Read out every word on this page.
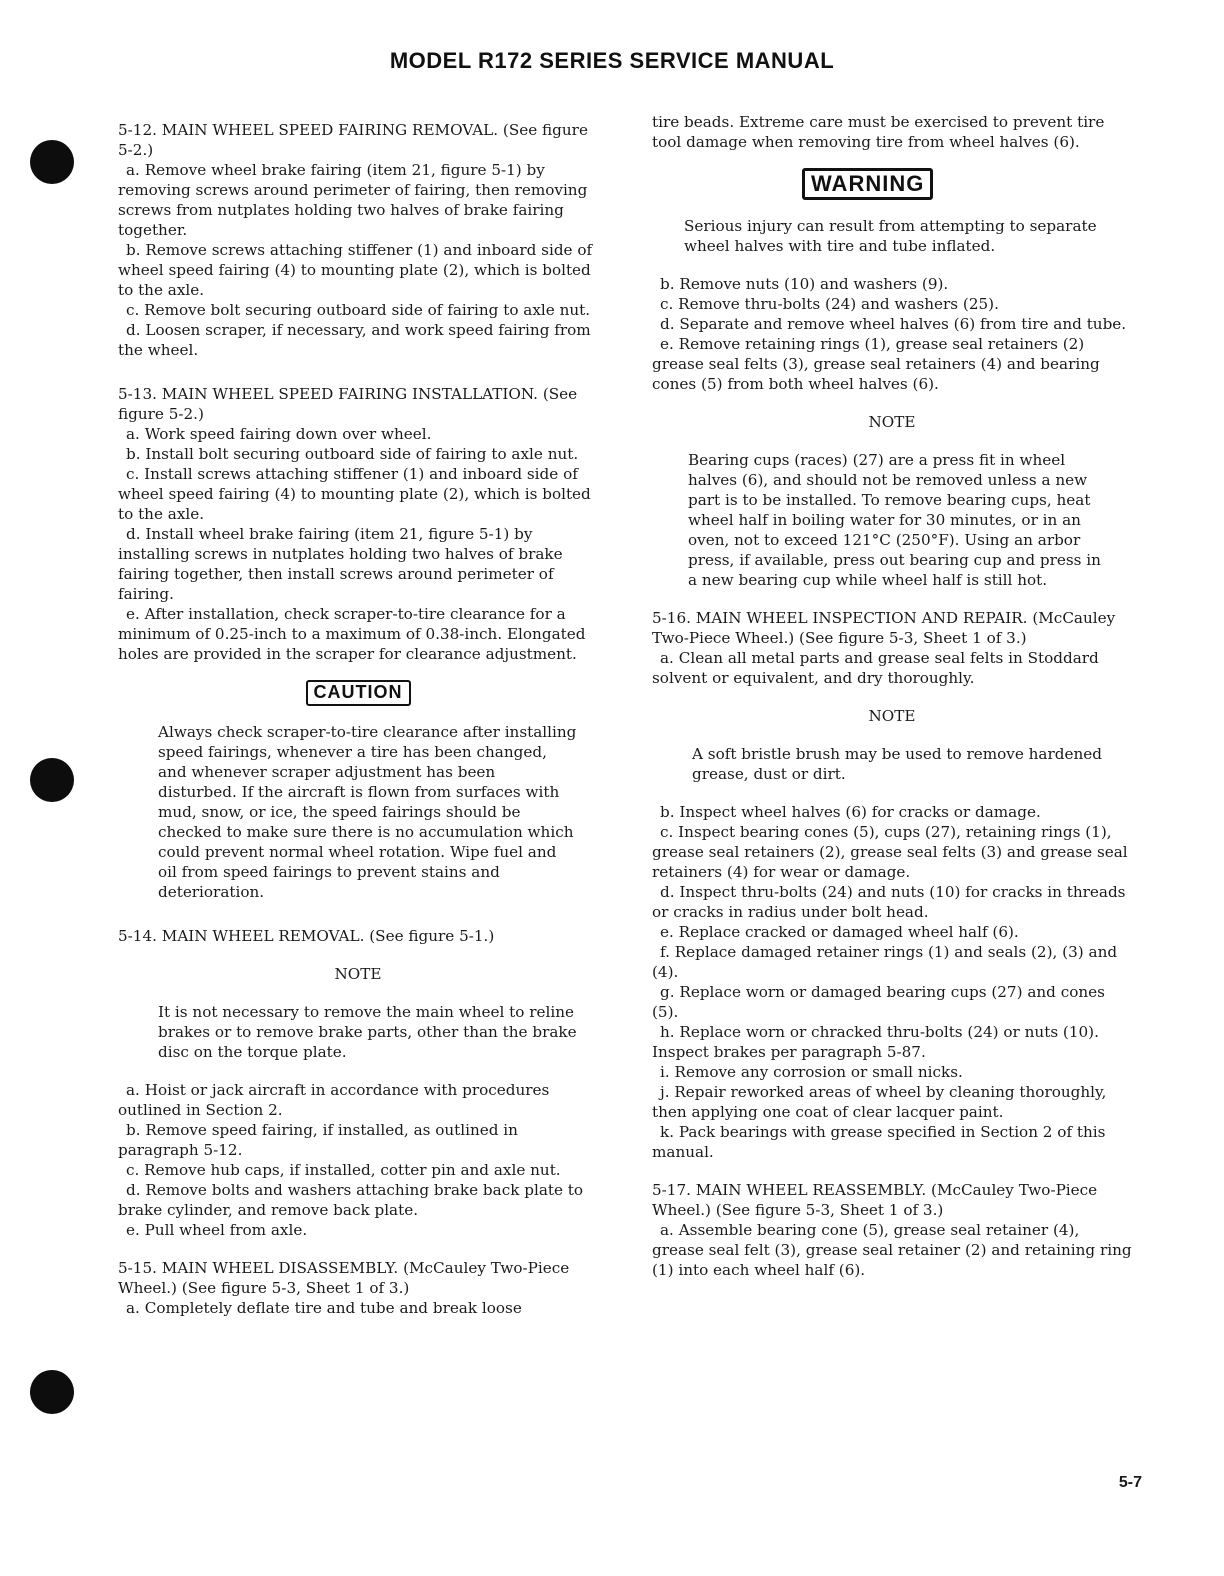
MODEL R172 SERIES SERVICE MANUAL

5-12. MAIN WHEEL SPEED FAIRING REMOVAL. (See figure 5-2.)

a. Remove wheel brake fairing (item 21, figure 5-1) by removing screws around perimeter of fairing, then removing screws from nutplates holding two halves of brake fairing together.

b. Remove screws attaching stiffener (1) and inboard side of wheel speed fairing (4) to mounting plate (2), which is bolted to the axle.

c. Remove bolt securing outboard side of fairing to axle nut.

d. Loosen scraper, if necessary, and work speed fairing from the wheel.

5-13. MAIN WHEEL SPEED FAIRING INSTALLATION. (See figure 5-2.)

a. Work speed fairing down over wheel.

b. Install bolt securing outboard side of fairing to axle nut.

c. Install screws attaching stiffener (1) and inboard side of wheel speed fairing (4) to mounting plate (2), which is bolted to the axle.

d. Install wheel brake fairing (item 21, figure 5-1) by installing screws in nutplates holding two halves of brake fairing together, then install screws around perimeter of fairing.

e. After installation, check scraper-to-tire clearance for a minimum of 0.25-inch to a maximum of 0.38-inch. Elongated holes are provided in the scraper for clearance adjustment.

CAUTION

Always check scraper-to-tire clearance after installing speed fairings, whenever a tire has been changed, and whenever scraper adjustment has been disturbed. If the aircraft is flown from surfaces with mud, snow, or ice, the speed fairings should be checked to make sure there is no accumulation which could prevent normal wheel rotation. Wipe fuel and oil from speed fairings to prevent stains and deterioration.

5-14. MAIN WHEEL REMOVAL. (See figure 5-1.)

NOTE

It is not necessary to remove the main wheel to reline brakes or to remove brake parts, other than the brake disc on the torque plate.

a. Hoist or jack aircraft in accordance with procedures outlined in Section 2.

b. Remove speed fairing, if installed, as outlined in paragraph 5-12.

c. Remove hub caps, if installed, cotter pin and axle nut.

d. Remove bolts and washers attaching brake back plate to brake cylinder, and remove back plate.

e. Pull wheel from axle.

5-15. MAIN WHEEL DISASSEMBLY. (McCauley Two-Piece Wheel.) (See figure 5-3, Sheet 1 of 3.)

a. Completely deflate tire and tube and break loose

tire beads. Extreme care must be exercised to prevent tire tool damage when removing tire from wheel halves (6).

WARNING

Serious injury can result from attempting to separate wheel halves with tire and tube inflated.

b. Remove nuts (10) and washers (9).

c. Remove thru-bolts (24) and washers (25).

d. Separate and remove wheel halves (6) from tire and tube.

e. Remove retaining rings (1), grease seal retainers (2) grease seal felts (3), grease seal retainers (4) and bearing cones (5) from both wheel halves (6).

NOTE

Bearing cups (races) (27) are a press fit in wheel halves (6), and should not be removed unless a new part is to be installed. To remove bearing cups, heat wheel half in boiling water for 30 minutes, or in an oven, not to exceed 121°C (250°F). Using an arbor press, if available, press out bearing cup and press in a new bearing cup while wheel half is still hot.

5-16. MAIN WHEEL INSPECTION AND REPAIR. (McCauley Two-Piece Wheel.) (See figure 5-3, Sheet 1 of 3.)

a. Clean all metal parts and grease seal felts in Stoddard solvent or equivalent, and dry thoroughly.

NOTE

A soft bristle brush may be used to remove hardened grease, dust or dirt.

b. Inspect wheel halves (6) for cracks or damage.

c. Inspect bearing cones (5), cups (27), retaining rings (1), grease seal retainers (2), grease seal felts (3) and grease seal retainers (4) for wear or damage.

d. Inspect thru-bolts (24) and nuts (10) for cracks in threads or cracks in radius under bolt head.

e. Replace cracked or damaged wheel half (6).

f. Replace damaged retainer rings (1) and seals (2), (3) and (4).

g. Replace worn or damaged bearing cups (27) and cones (5).

h. Replace worn or chracked thru-bolts (24) or nuts (10). Inspect brakes per paragraph 5-87.

i. Remove any corrosion or small nicks.

j. Repair reworked areas of wheel by cleaning thoroughly, then applying one coat of clear lacquer paint.

k. Pack bearings with grease specified in Section 2 of this manual.

5-17. MAIN WHEEL REASSEMBLY. (McCauley Two-Piece Wheel.) (See figure 5-3, Sheet 1 of 3.)

a. Assemble bearing cone (5), grease seal retainer (4), grease seal felt (3), grease seal retainer (2) and retaining ring (1) into each wheel half (6).

5-7
